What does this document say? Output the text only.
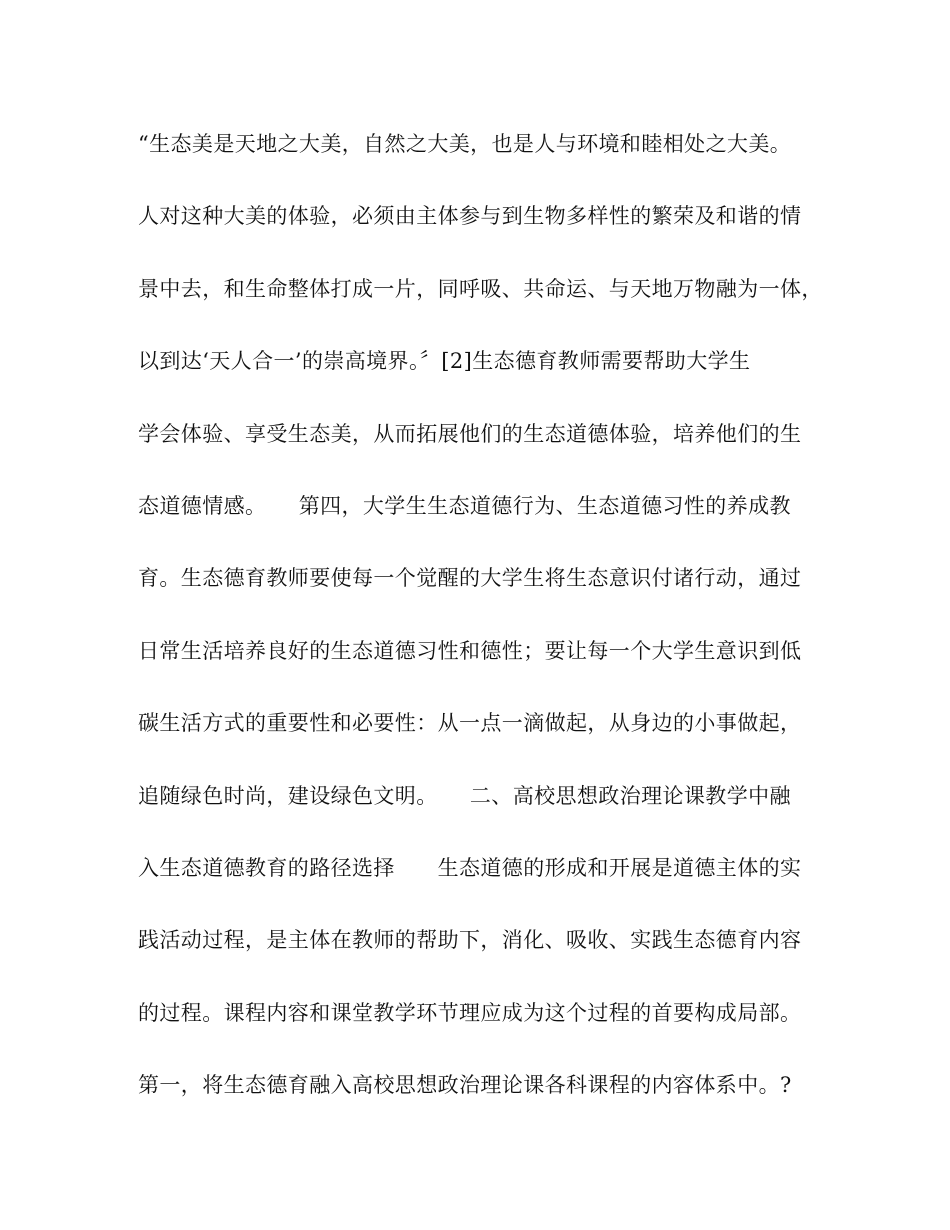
“生态美是天地之大美，自然之大美，也是人与环境和睦相处之大美。
人对这种大美的体验，必须由主体参与到生物多样性的繁荣及和谐的情
景中去，和生命整体打成一片，同呼吸、共命运、与天地万物融为一体，
以到达‘天人合一’的崇高境界。〞[2]生态德育教师需要帮助大学生
学会体验、享受生态美，从而拓展他们的生态道德体验，培养他们的生
态道德情感。　　第四，大学生生态道德行为、生态道德习性的养成教
育。生态德育教师要使每一个觉醒的大学生将生态意识付诸行动，通过
日常生活培养良好的生态道德习性和德性；要让每一个大学生意识到低
碳生活方式的重要性和必要性：从一点一滴做起，从身边的小事做起，
追随绿色时尚，建设绿色文明。　　二、高校思想政治理论课教学中融
入生态道德教育的路径选择　　生态道德的形成和开展是道德主体的实
践活动过程，是主体在教师的帮助下，消化、吸收、实践生态德育内容
的过程。课程内容和课堂教学环节理应成为这个过程的首要构成局部。
第一，将生态德育融入高校思想政治理论课各科课程的内容体系中。?
